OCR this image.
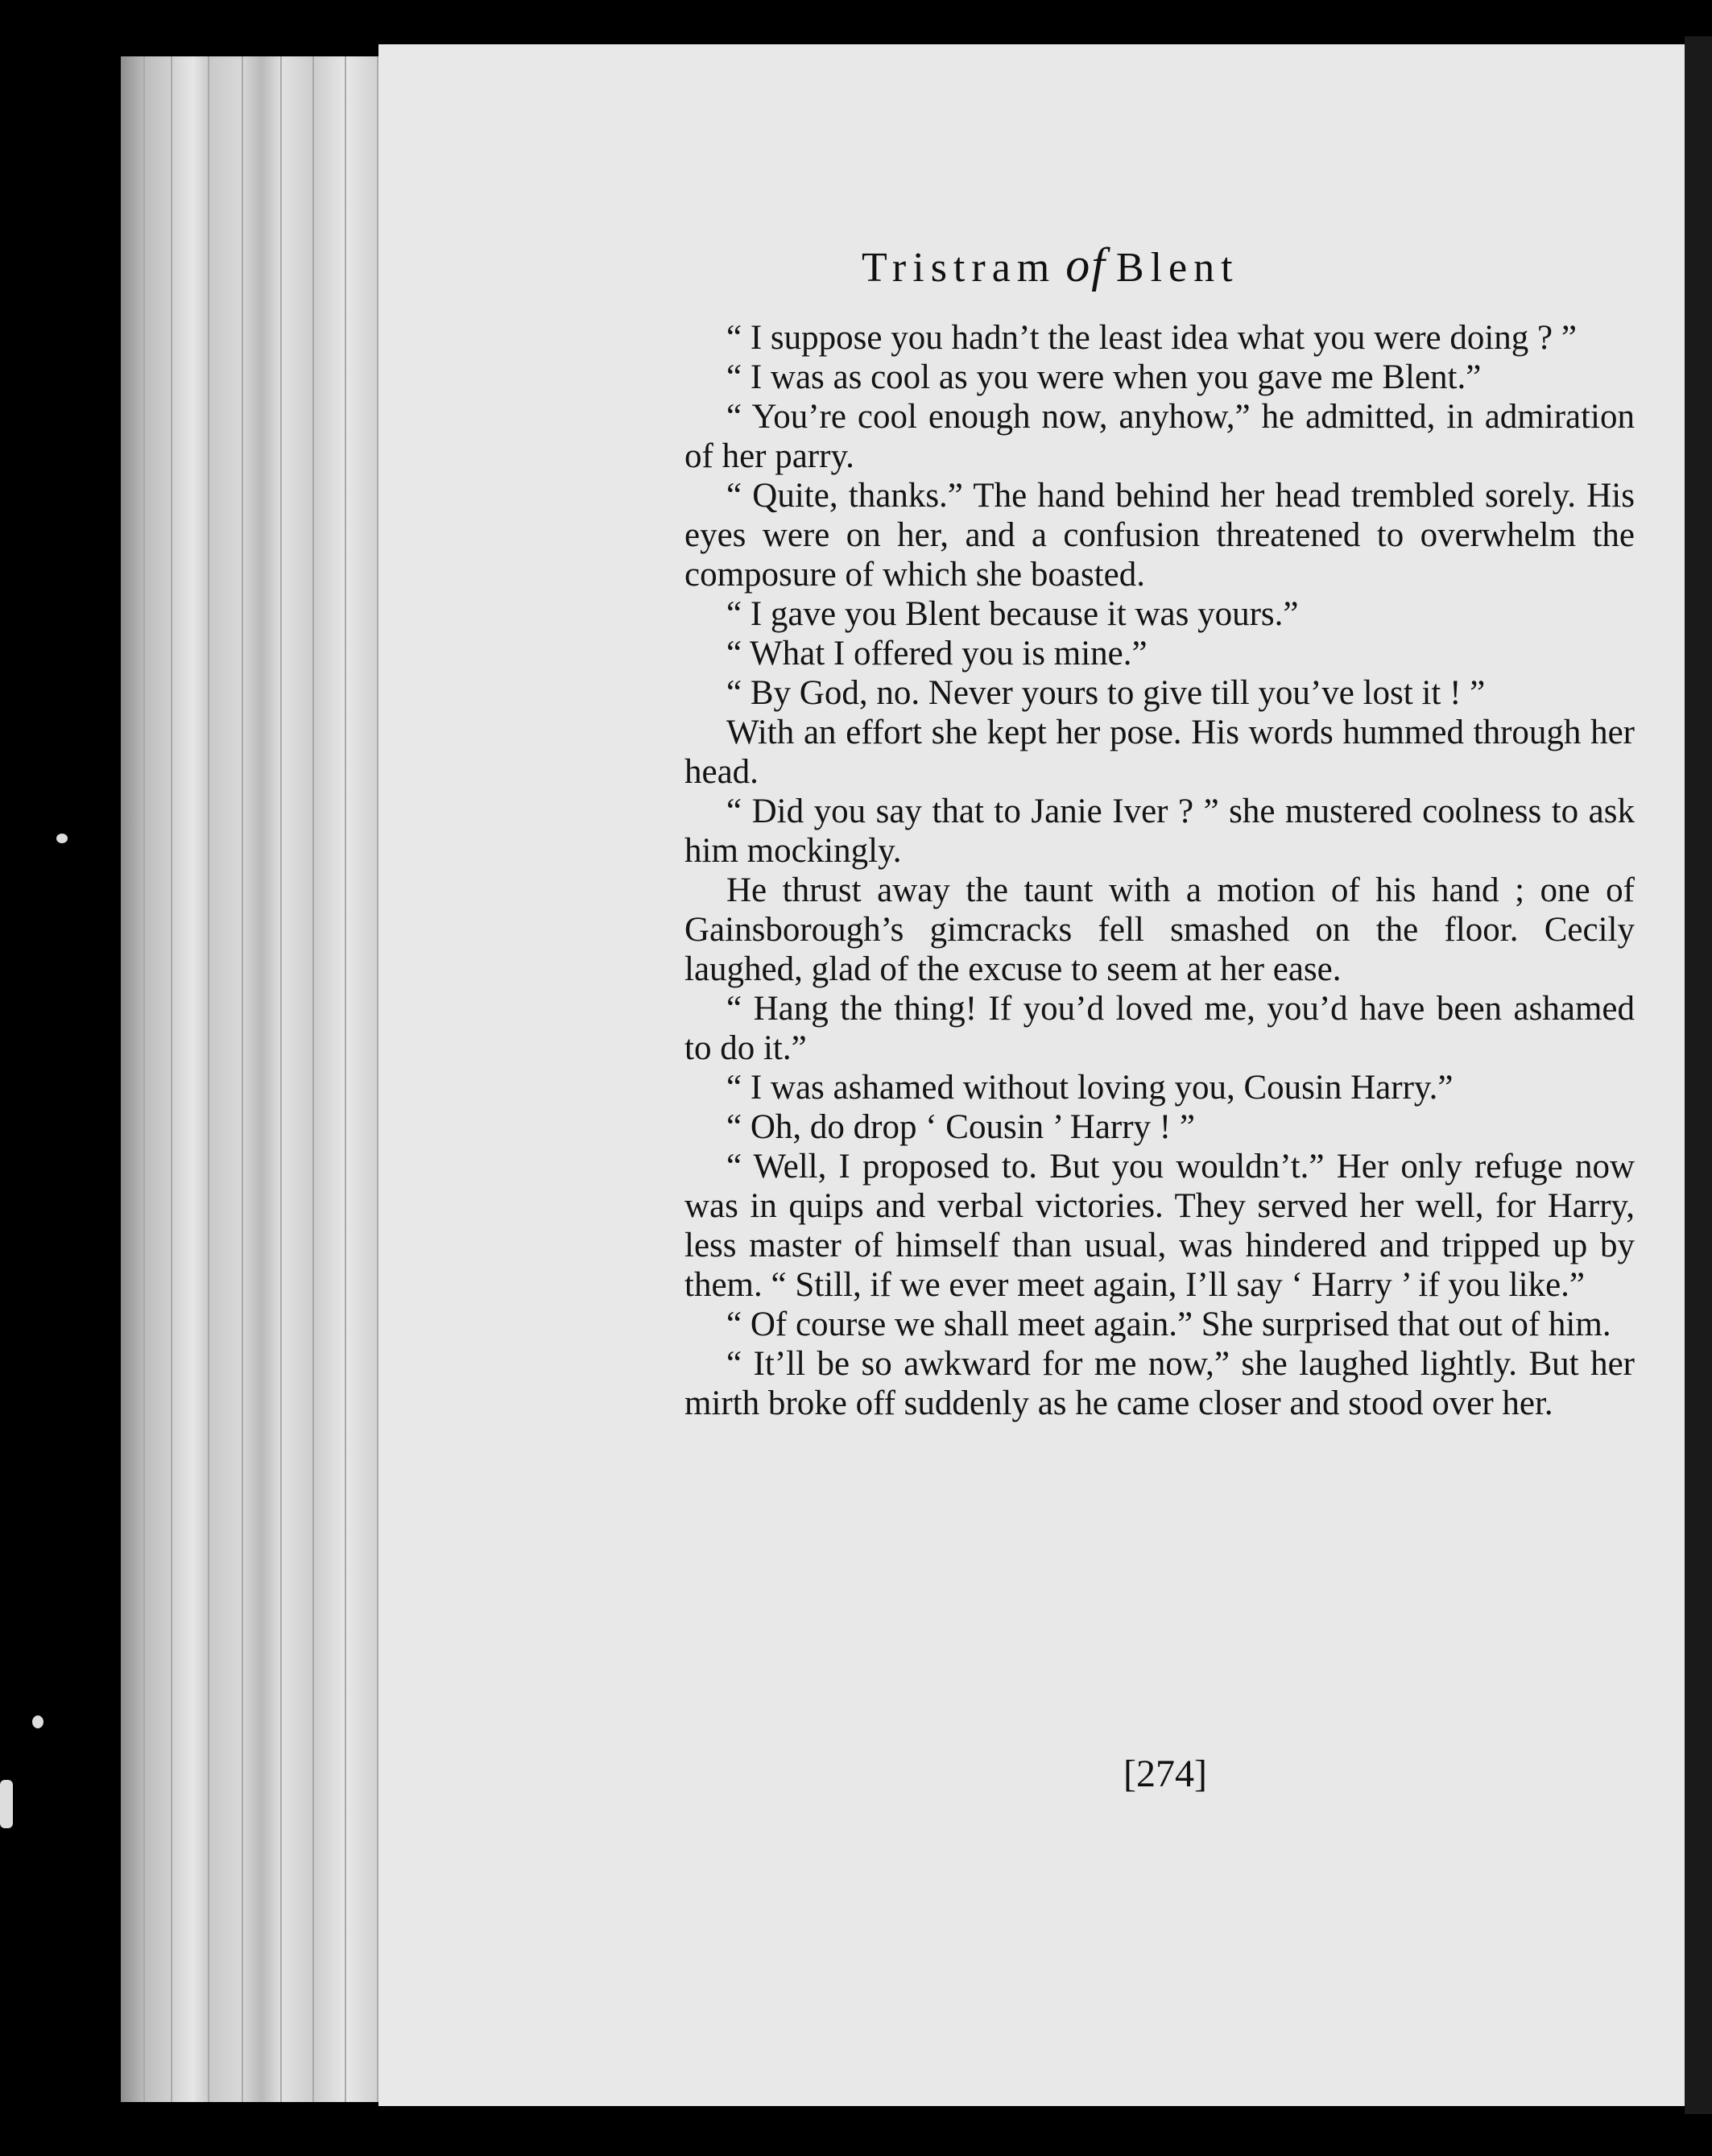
Tristram of Blent

“ I suppose you hadn’t the least idea what you were doing ? ”

“ I was as cool as you were when you gave me Blent.”

“ You’re cool enough now, anyhow,” he admitted, in admiration of her parry.

“ Quite, thanks.” The hand behind her head trembled sorely. His eyes were on her, and a confusion threatened to overwhelm the composure of which she boasted.

“ I gave you Blent because it was yours.”

“ What I offered you is mine.”

“ By God, no. Never yours to give till you’ve lost it ! ”

With an effort she kept her pose. His words hummed through her head.

“ Did you say that to Janie Iver ? ” she mustered coolness to ask him mockingly.

He thrust away the taunt with a motion of his hand ; one of Gainsborough’s gimcracks fell smashed on the floor. Cecily laughed, glad of the excuse to seem at her ease.

“ Hang the thing! If you’d loved me, you’d have been ashamed to do it.”

“ I was ashamed without loving you, Cousin Harry.”

“ Oh, do drop ‘ Cousin ’ Harry ! ”

“ Well, I proposed to. But you wouldn’t.” Her only refuge now was in quips and verbal victories. They served her well, for Harry, less master of himself than usual, was hindered and tripped up by them. “ Still, if we ever meet again, I’ll say ‘ Harry ’ if you like.”

“ Of course we shall meet again.” She surprised that out of him.

“ It’ll be so awkward for me now,” she laughed lightly. But her mirth broke off suddenly as he came closer and stood over her.

[274]
